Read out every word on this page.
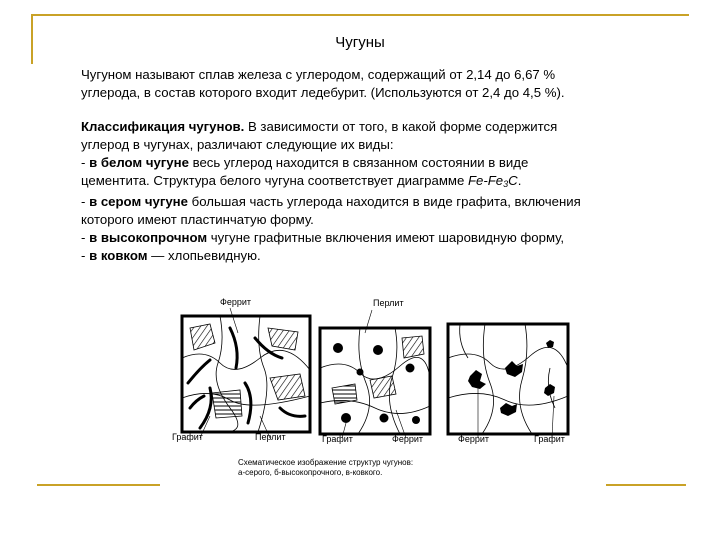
Чугуны
Чугуном называют сплав железа с углеродом, содержащий от 2,14 до 6,67 %
углерода, в состав которого входит ледебурит. (Используются от 2,4 до 4,5 %).
Классификация чугунов. В зависимости от того, в какой форме содержится
углерод в чугунах, различают следующие их виды:
- в белом чугуне весь углерод находится в связанном состоянии в виде
цементита. Структура белого чугуна соответствует диаграмме $Fe-Fe_3C$.
- в сером чугуне большая часть углерода находится в виде графита, включения
которого имеют пластинчатую форму.
- в высокопрочном чугуне графитные включения имеют шаровидную форму,
- в ковком — хлопьевидную.
Феррит	Перлит
Графит	Перлит	Графит	Феррит	Феррит	Графит
Схематическое изображение структур чугунов:
а-серого, б-высокопрочного, в-ковкого.
